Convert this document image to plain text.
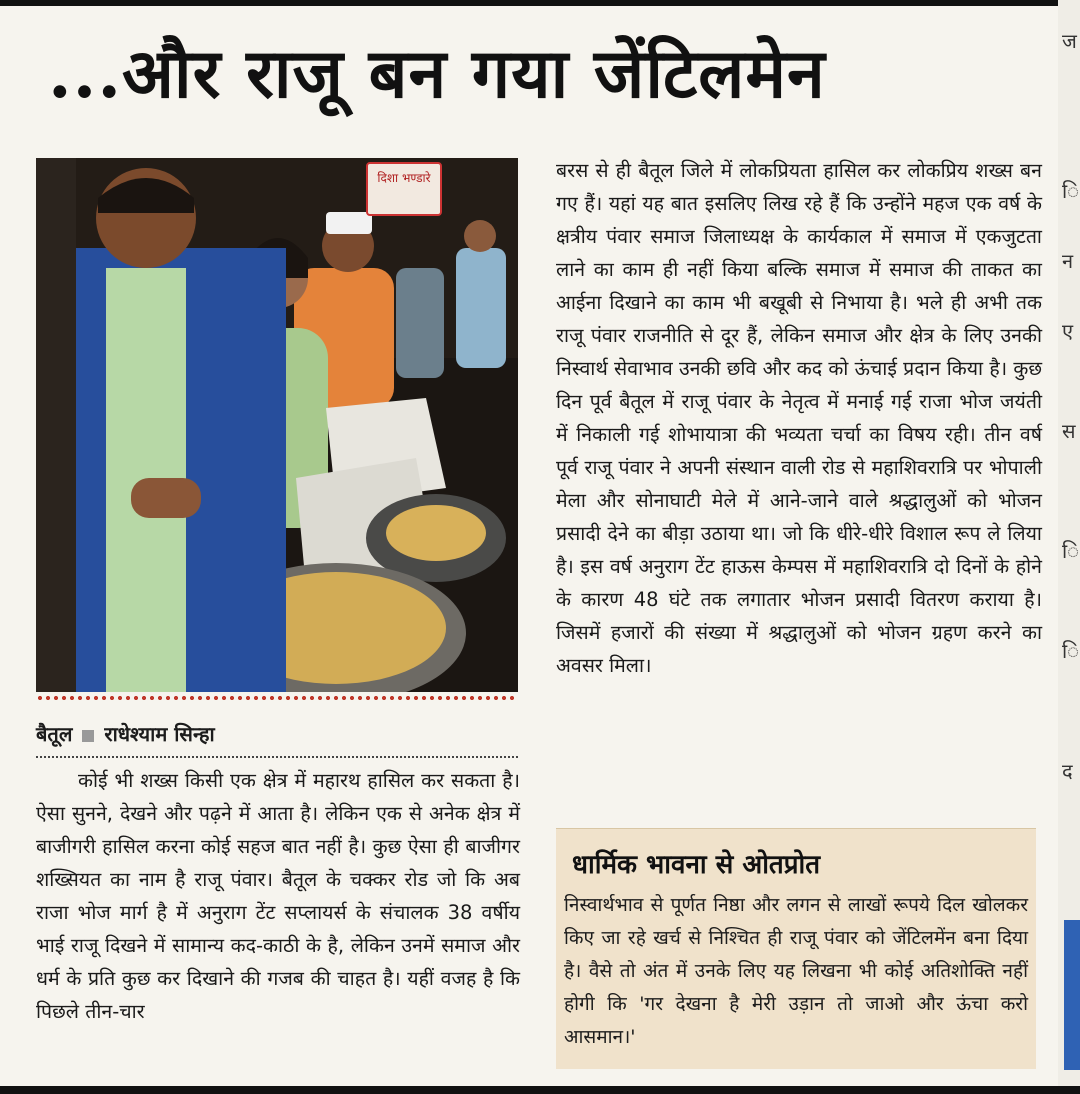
...और राजू बन गया जेंटिलमेन	ज
ि
न
ए
स
ि
ि
द
दिशा भण्डारे
बैतूल राधेश्याम सिन्हा

कोई भी शख्स किसी एक क्षेत्र में महारथ हासिल कर सकता है। ऐसा सुनने, देखने और पढ़ने में आता है। लेकिन एक से अनेक क्षेत्र में बाजीगरी हासिल करना कोई सहज बात नहीं है। कुछ ऐसा ही बाजीगर शख्सियत का नाम है राजू पंवार। बैतूल के चक्कर रोड जो कि अब राजा भोज मार्ग है में अनुराग टेंट सप्लायर्स के संचालक 38 वर्षीय भाई राजू दिखने में सामान्य कद-काठी के है, लेकिन उनमें समाज और धर्म के प्रति कुछ कर दिखाने की गजब की चाहत है। यहीं वजह है कि पिछले तीन-चार

बरस से ही बैतूल जिले में लोकप्रियता हासिल कर लोकप्रिय शख्स बन गए हैं। यहां यह बात इसलिए लिख रहे हैं कि उन्होंने महज एक वर्ष के क्षत्रीय पंवार समाज जिलाध्यक्ष के कार्यकाल में समाज में एकजुटता लाने का काम ही नहीं किया बल्कि समाज में समाज की ताकत का आईना दिखाने का काम भी बखूबी से निभाया है। भले ही अभी तक राजू पंवार राजनीति से दूर हैं, लेकिन समाज और क्षेत्र के लिए उनकी निस्वार्थ सेवाभाव उनकी छवि और कद को ऊंचाई प्रदान किया है। कुछ दिन पूर्व बैतूल में राजू पंवार के नेतृत्व में मनाई गई राजा भोज जयंती में निकाली गई शोभायात्रा की भव्यता चर्चा का विषय रही। तीन वर्ष पूर्व राजू पंवार ने अपनी संस्थान वाली रोड से महाशिवरात्रि पर भोपाली मेला और सोनाघाटी मेले में आने-जाने वाले श्रद्धालुओं को भोजन प्रसादी देने का बीड़ा उठाया था। जो कि धीरे-धीरे विशाल रूप ले लिया है। इस वर्ष अनुराग टेंट हाऊस केम्पस में महाशिवरात्रि दो दिनों के होने के कारण 48 घंटे तक लगातार भोजन प्रसादी वितरण कराया है। जिसमें हजारों की संख्या में श्रद्धालुओं को भोजन ग्रहण करने का अवसर मिला।

धार्मिक भावना से ओतप्रोत
निस्वार्थभाव से पूर्णत निष्ठा और लगन से लाखों रूपये दिल खोलकर किए जा रहे खर्च से निश्चित ही राजू पंवार को जेंटिलमेंन बना दिया है। वैसे तो अंत में उनके लिए यह लिखना भी कोई अतिशोक्ति नहीं होगी कि 'गर देखना है मेरी उड़ान तो जाओ और ऊंचा करो आसमान।'
